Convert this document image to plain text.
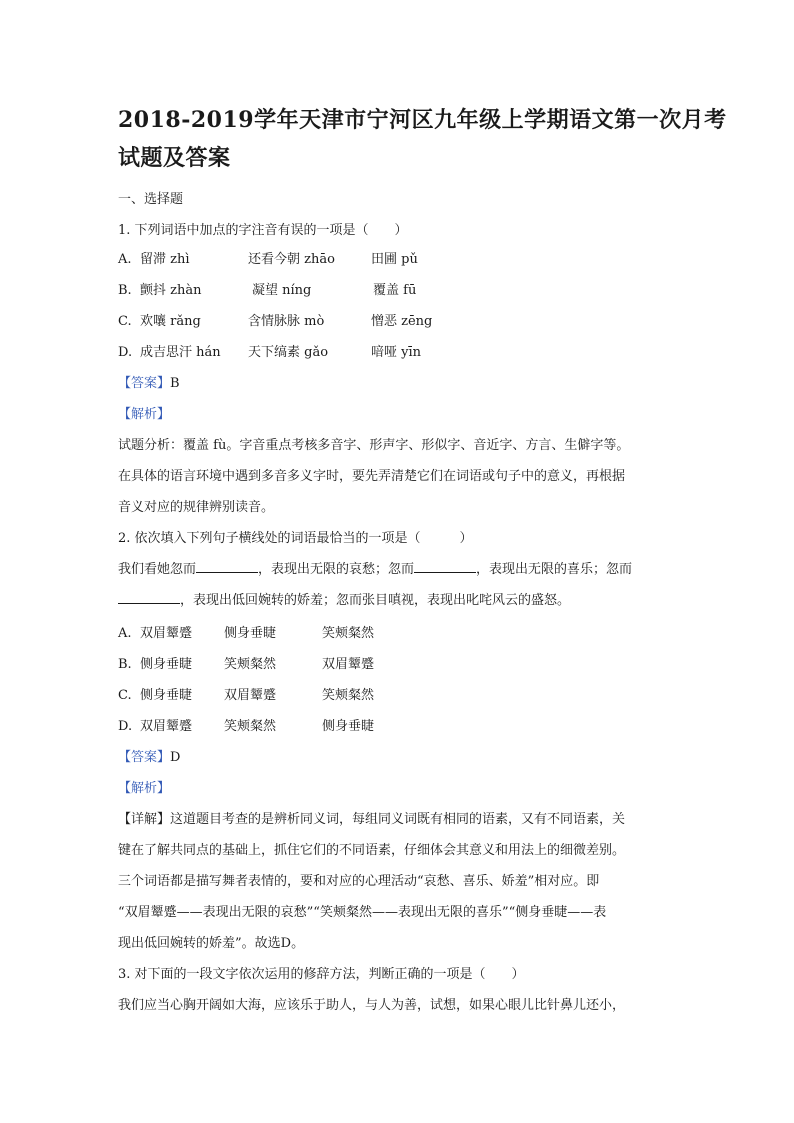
2018-2019学年天津市宁河区九年级上学期语文第一次月考
试题及答案
一、选择题
1. 下列词语中加点的字注音有误的一项是（　　）
A. 留滞 zhì	还看今朝 zhāo	田圃 pǔ
B. 颤抖 zhàn	凝望 níng	覆盖 fū
C. 欢嚷 rǎng	含情脉脉 mò	憎恶 zēng
D. 成吉思汗 hán 天下缟素 gǎo	喑哑 yīn
【答案】B
【解析】
试题分析：覆盖 fù。字音重点考核多音字、形声字、形似字、音近字、方言、生僻字等。
在具体的语言环境中遇到多音多义字时，要先弄清楚它们在词语或句子中的意义，再根据
音义对应的规律辨别读音。
2. 依次填入下列句子横线处的词语最恰当的一项是（　　　）
我们看她忽而	，表现出无限的哀愁；忽而	，表现出无限的喜乐；忽而
，表现出低回婉转的娇羞；忽而张目嗔视，表现出叱咤风云的盛怒。
A. 双眉颦蹙 侧身垂睫	笑颊粲然
B. 侧身垂睫 笑颊粲然	双眉颦蹙
C. 侧身垂睫 双眉颦蹙	笑颊粲然
D. 双眉颦蹙 笑颊粲然	侧身垂睫
【答案】D
【解析】
【详解】这道题目考查的是辨析同义词，每组同义词既有相同的语素，又有不同语素，关
键在了解共同点的基础上，抓住它们的不同语素，仔细体会其意义和用法上的细微差别。
三个词语都是描写舞者表情的，要和对应的心理活动“哀愁、喜乐、娇羞”相对应。即
“双眉颦蹙——表现出无限的哀愁”“笑颊粲然——表现出无限的喜乐”“侧身垂睫——表
现出低回婉转的娇羞”。故选D。
3. 对下面的一段文字依次运用的修辞方法，判断正确的一项是（　　）
我们应当心胸开阔如大海，应该乐于助人，与人为善，试想，如果心眼儿比针鼻儿还小，
